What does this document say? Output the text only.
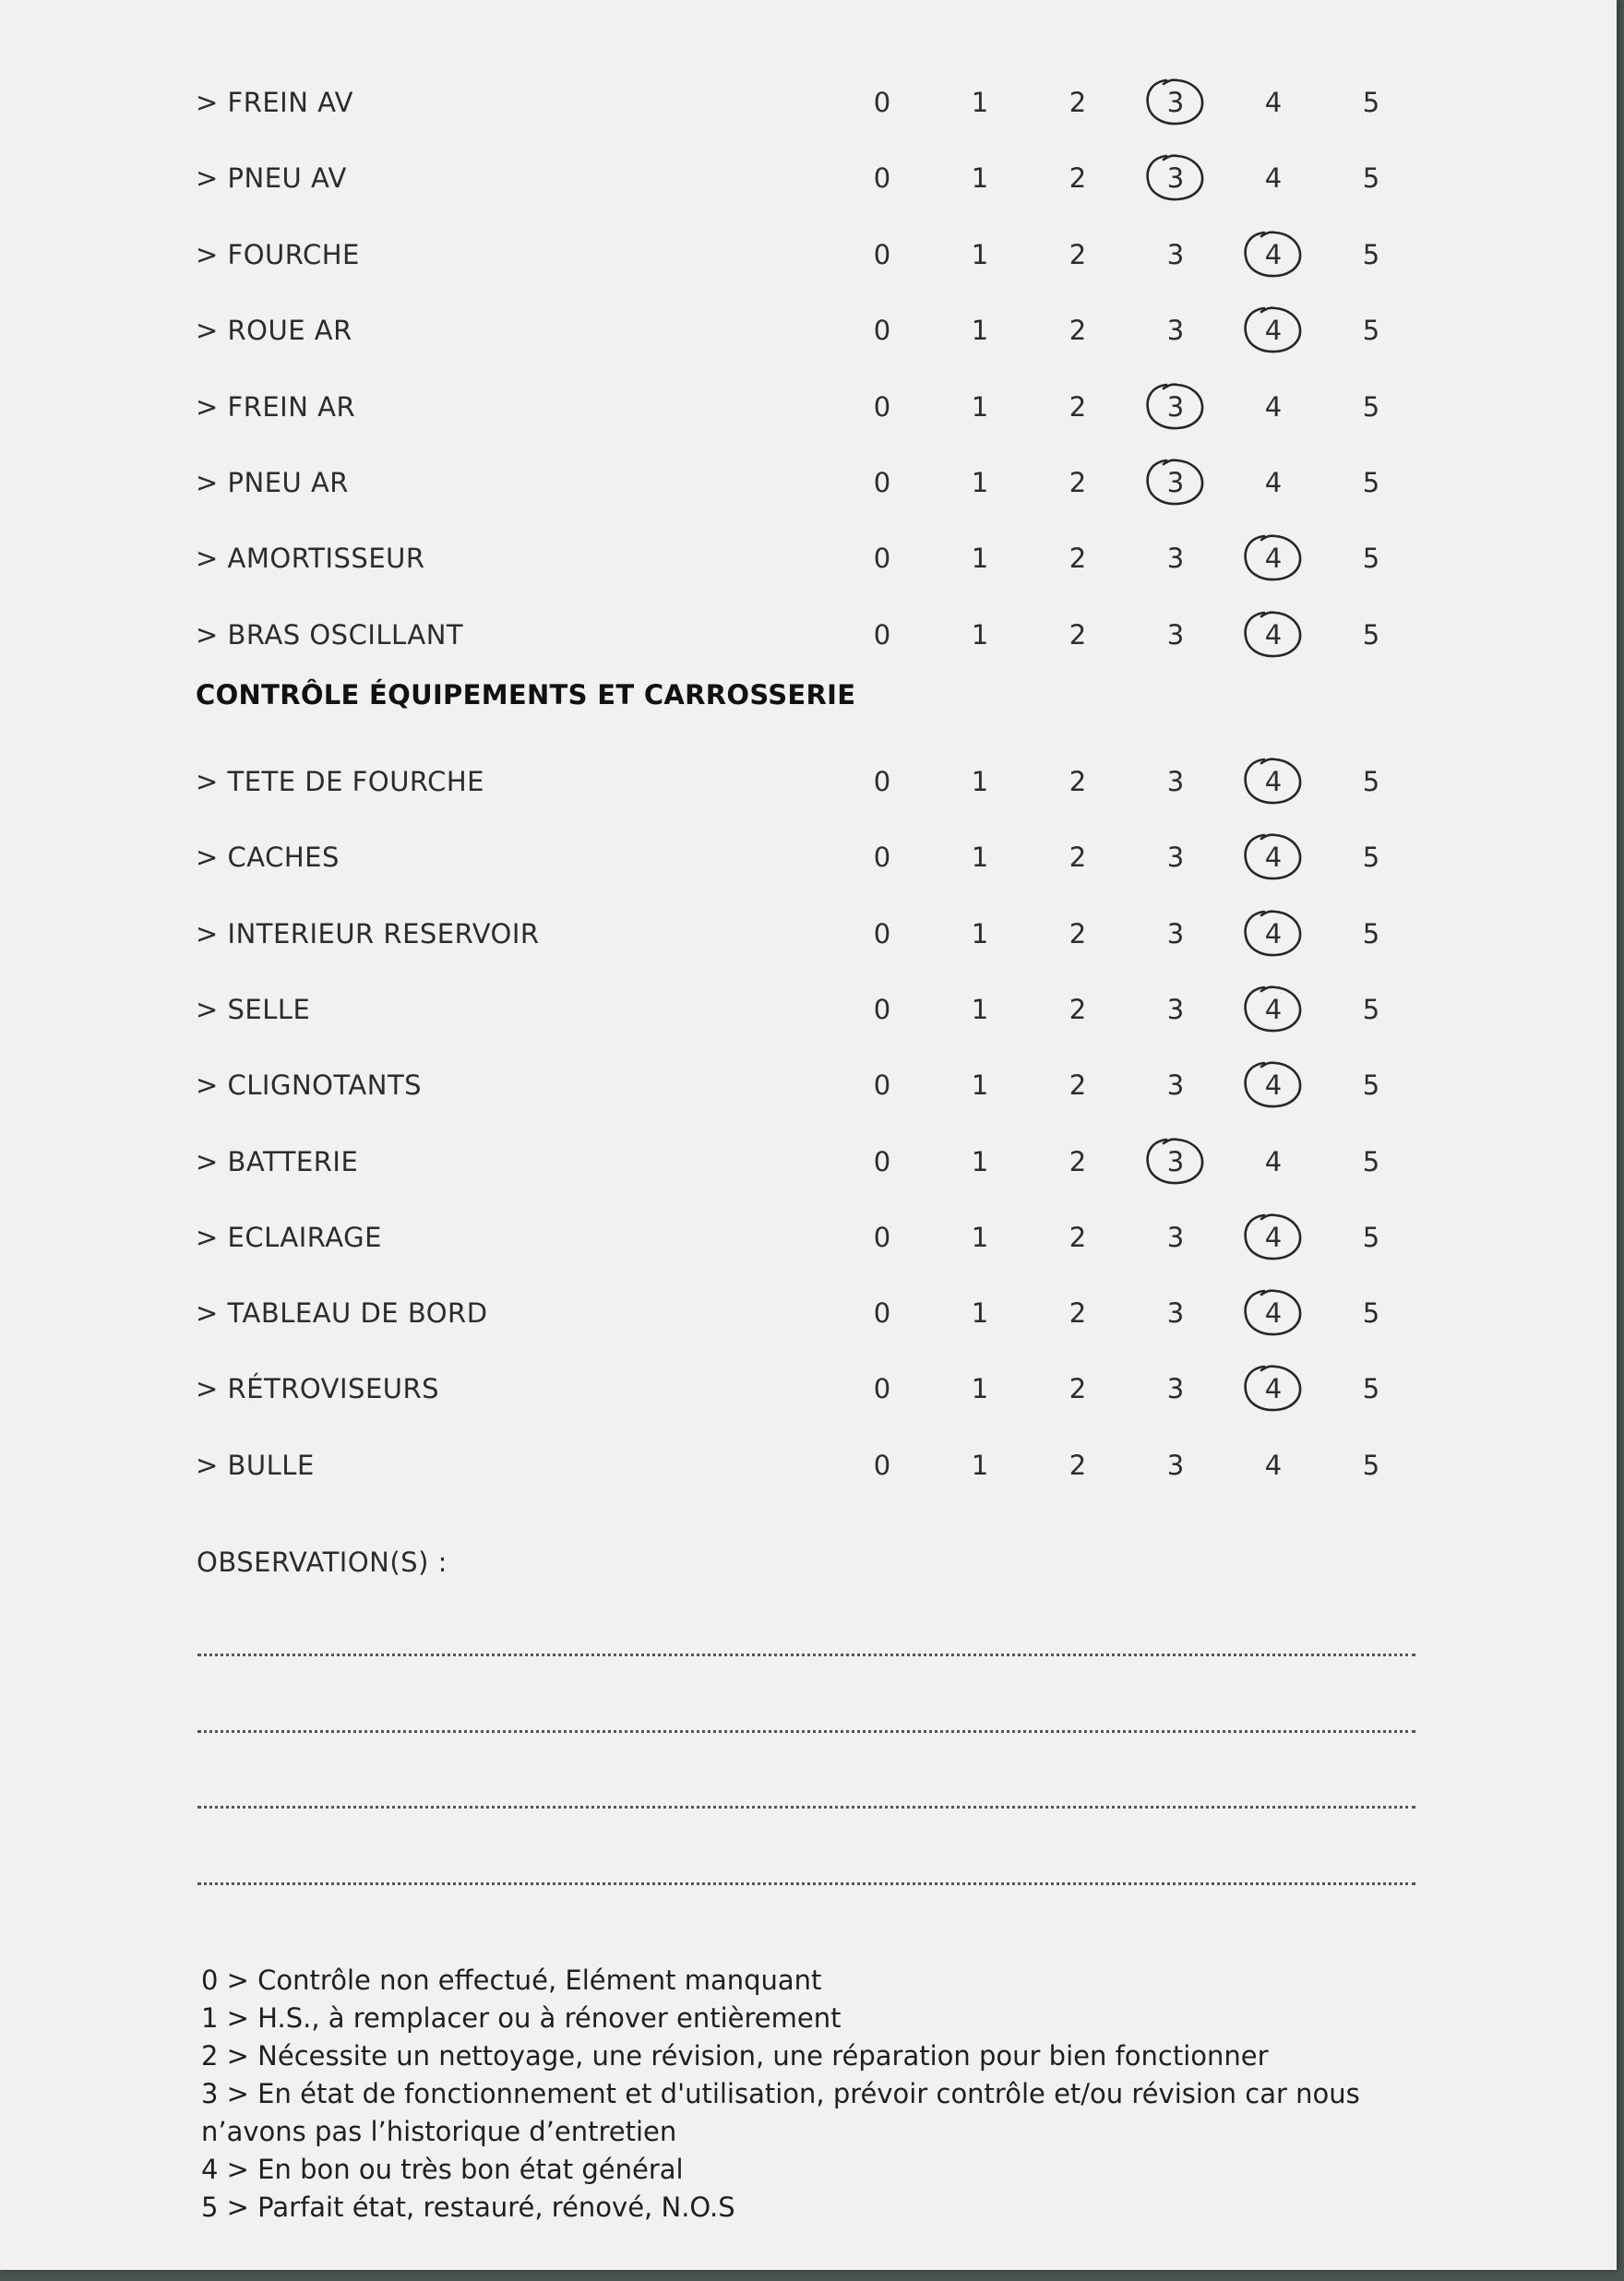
> FREIN AV	0	1	2	3	4	5
> PNEU AV	0	1	2	3	4	5
> FOURCHE	0	1	2	3	4	5
> ROUE AR	0	1	2	3	4	5
> FREIN AR	0	1	2	3	4	5
> PNEU AR	0	1	2	3	4	5
> AMORTISSEUR	0	1	2	3	4	5
> BRAS OSCILLANT	0	1	2	3	4	5
> TETE DE FOURCHE	0	1	2	3	4	5
> CACHES	0	1	2	3	4	5
> INTERIEUR RESERVOIR	0	1	2	3	4	5
> SELLE	0	1	2	3	4	5
> CLIGNOTANTS	0	1	2	3	4	5
> BATTERIE	0	1	2	3	4	5
> ECLAIRAGE	0	1	2	3	4	5
> TABLEAU DE BORD	0	1	2	3	4	5
> RÉTROVISEURS	0	1	2	3	4	5
> BULLE	0	1	2	3	4	5
CONTRÔLE ÉQUIPEMENTS ET CARROSSERIE
OBSERVATION(S) :

0 > Contrôle non effectué, Elément manquant

1 > H.S., à remplacer ou à rénover entièrement

2 > Nécessite un nettoyage, une révision, une réparation pour bien fonctionner

3 > En état de fonctionnement et d'utilisation, prévoir contrôle et/ou révision car nous

n’avons pas l’historique d’entretien

4 > En bon ou très bon état général

5 > Parfait état, restauré, rénové, N.O.S
